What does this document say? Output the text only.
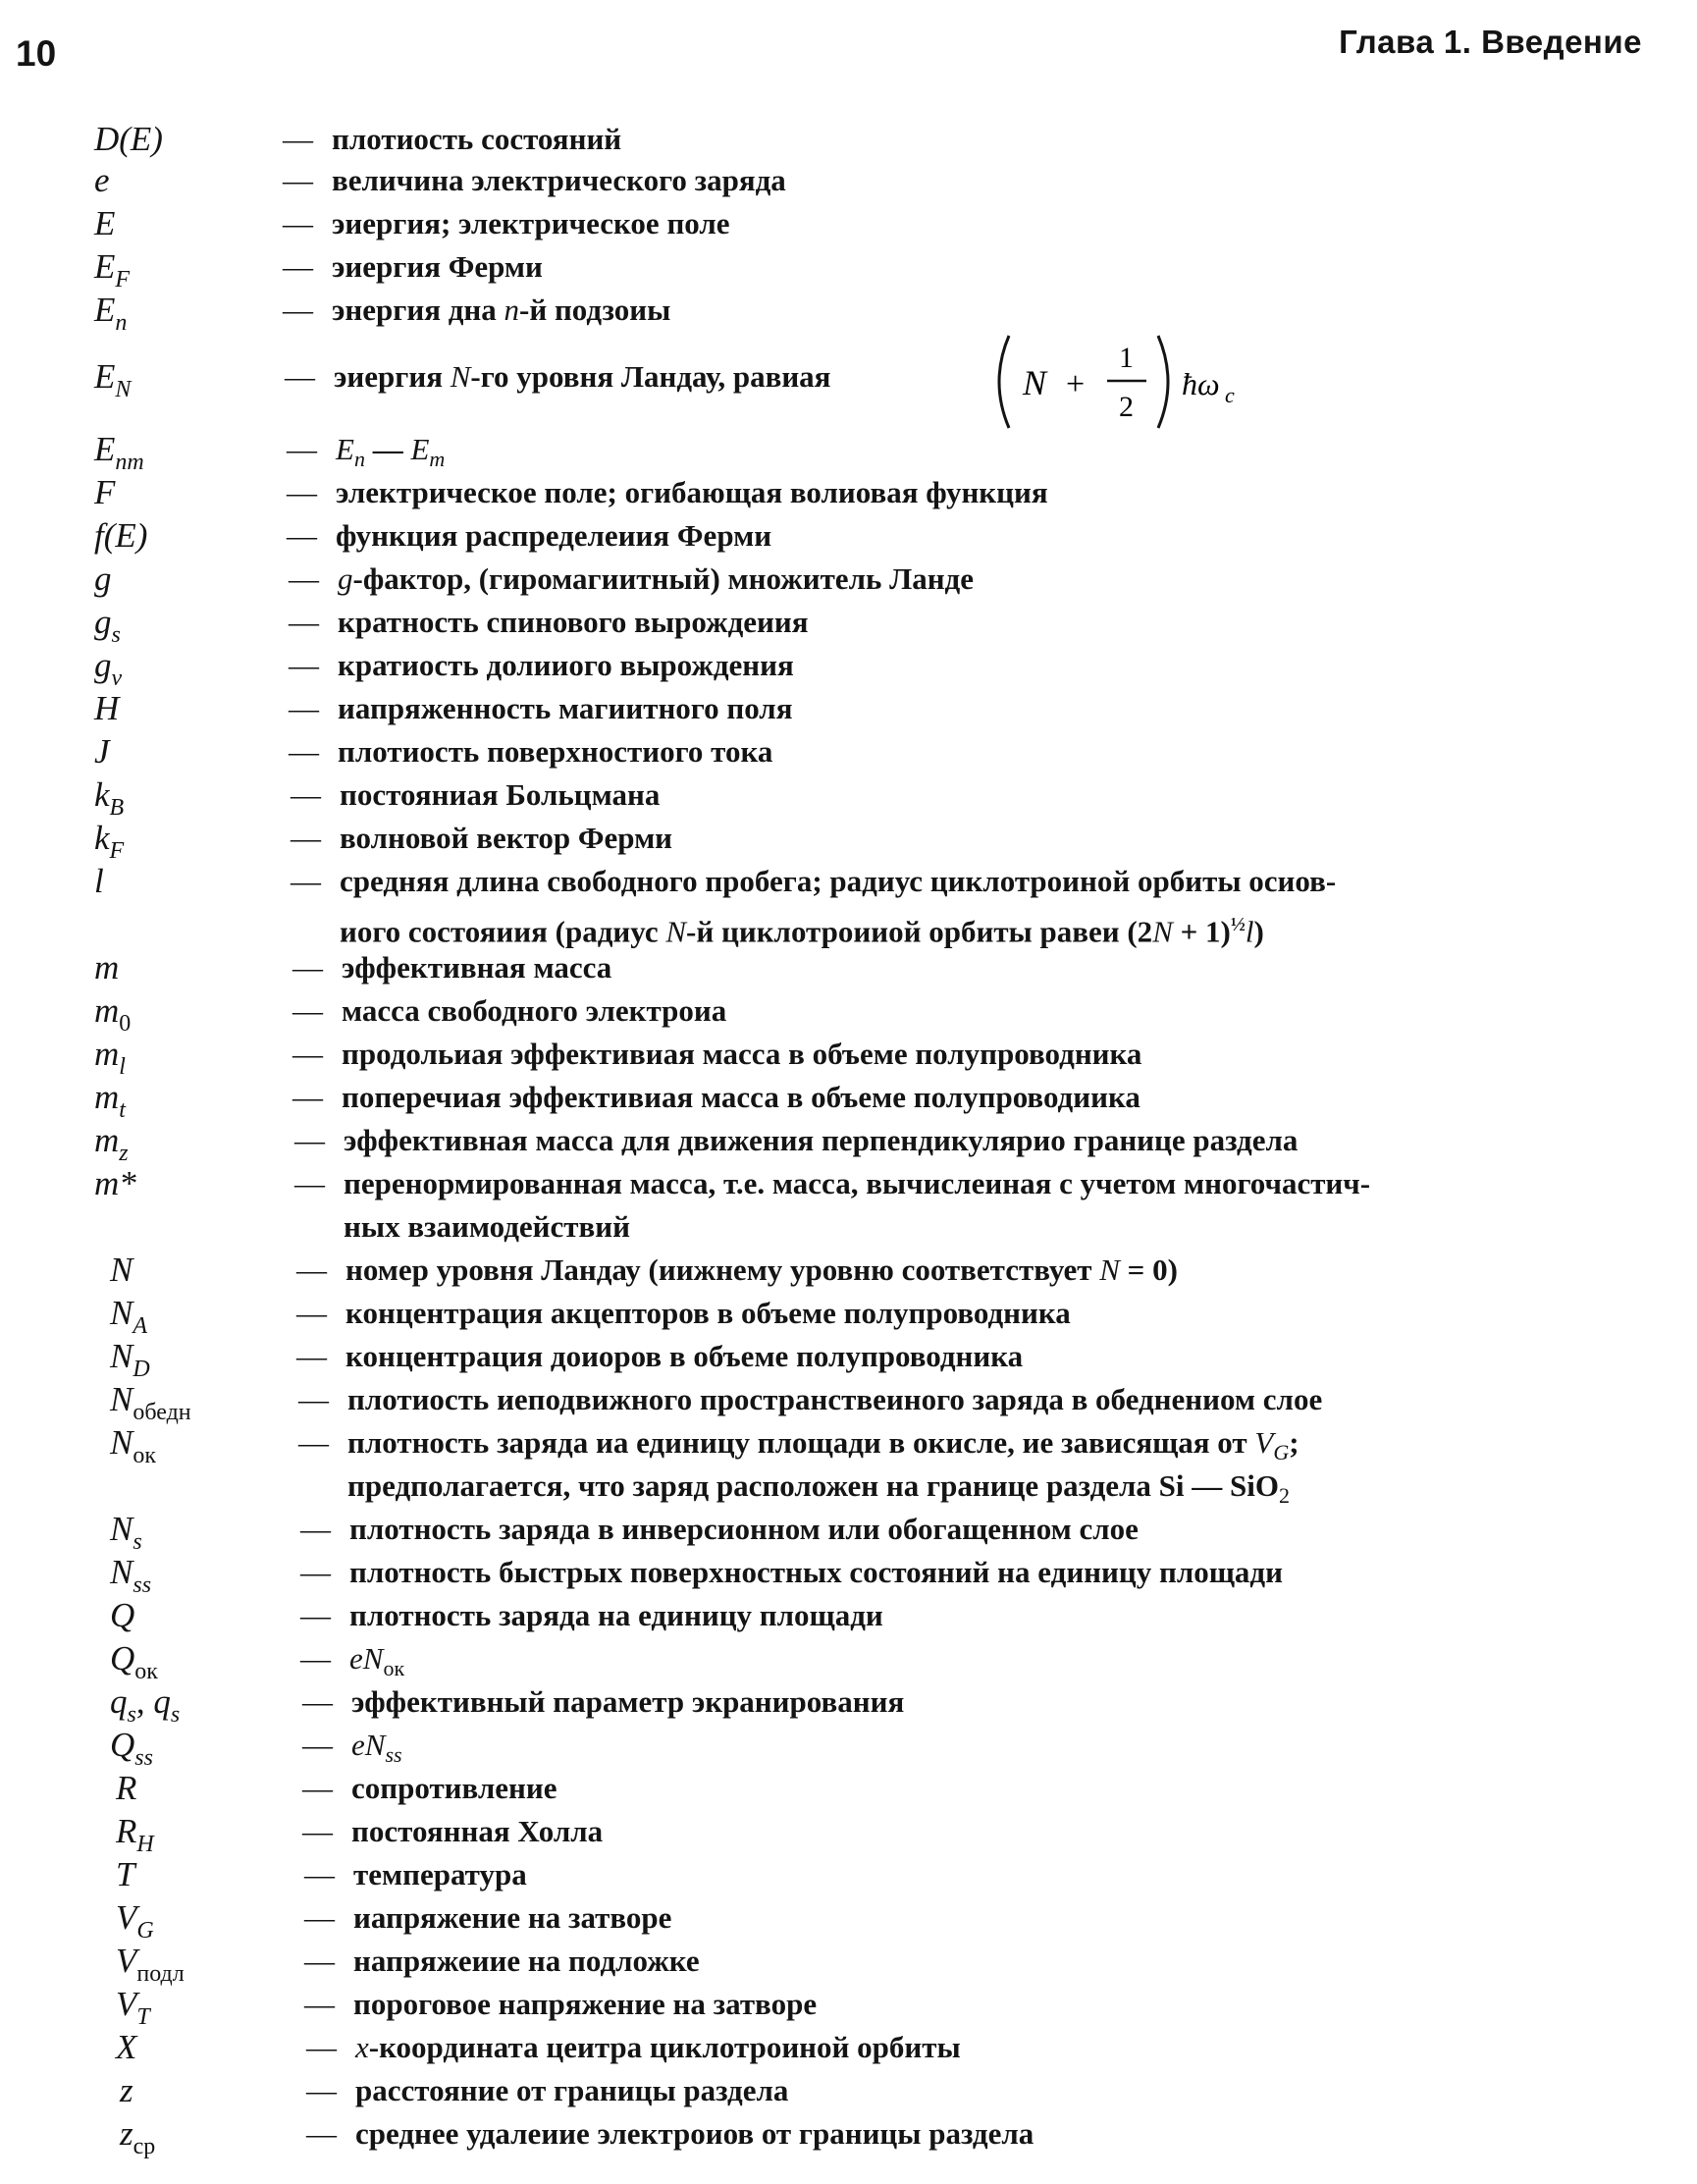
10	Глава 1. Введение
D(E)	— плотиость состояний
e	— величина электрического заряда
E	— эиергия; электрическое поле
$E_F$	— эиергия Ферми
$E_n$	— энергия дна n-й подзоиы
$E_N$	— эиергия N-го уровня Ландау, равиая	N +
1
2
ħω c
$E_{nm}$	— $E_n$ — $E_m$
F	— электрическое поле; огибающая волиовая функция
f(E)	— функция распределеиия Ферми
g	— g-фактор, (гиромагиитный) множитель Ланде
$g_s$	— кратность спинового вырождеиия
$g_v$	— кратиость долииого вырождения
H	— иапряженность магиитного поля
J	— плотиость поверхностиого тока
$k_B$	— постояниая Больцмана
$k_F$	— волновой вектор Ферми
l	— средняя длина свободного пробега; радиус циклотроиной орбиты осиов-
иого состояиия (радиус N-й циклотроииой орбиты равеи $(2N + 1)^{\frac{1}{2}}l$)
m	— эффективная масса
$m_0$	— масса свободного электроиа
$m_l$	— продольиая эффективиая масса в объеме полупроводника
$m_t$	— поперечиая эффективиая масса в объеме полупроводиика
$m_z$	— эффективная масса для движения перпендикулярио границе раздела
m*	— перенормированная масса, т.е. масса, вычислеиная с учетом многочастич-
ных взаимодействий
N	— номер уровня Ландау (иижнему уровню соответствует N = 0)
$N_A$	— концентрация акцепторов в объеме полупроводника
$N_D$	— концентрация доиоров в объеме полупроводника
$N_{обедн}$	— плотиость иеподвижного пространствеиного заряда в обеднениом слое
$N_{ок}$	— плотность заряда иа единицу площади в окисле, ие зависящая от $V_G$;
предполагается, что заряд расположен на границе раздела Si — SiO$_2$
$N_s$	— плотность заряда в инверсионном или обогащенном слое
$N_{ss}$	— плотность быстрых поверхностных состояний на единицу площади
Q	— плотность заряда на единицу площади
$Q_{ок}$	— $eN_{ок}$
$q_s$, $q_s$	— эффективный параметр экранирования
$Q_{ss}$	— $eN_{ss}$
R	— сопротивление
$R_H$	— постоянная Холла
T	— температура
$V_G$	— иапряжение на затворе
$V_{подл}$	— напряжеиие на подложке
$V_T$	— пороговое напряжение на затворе
X	— x-координата цеитра циклотроиной орбиты
z	— расстояние от границы раздела
$z_{ср}$	— среднее удалеиие электроиов от границы раздела
